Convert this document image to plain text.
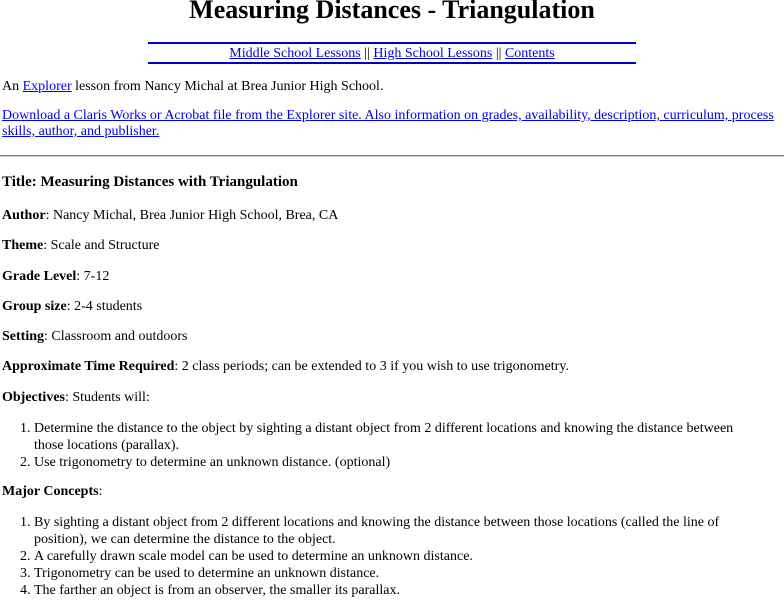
Measuring Distances - Triangulation
Middle School Lessons || High School Lessons || Contents

An Explorer lesson from Nancy Michal at Brea Junior High School.

Download a Claris Works or Acrobat file from the Explorer site. Also information on grades, availability, description, curriculum, process skills, author, and publisher.

Title: Measuring Distances with Triangulation

Author: Nancy Michal, Brea Junior High School, Brea, CA

Theme: Scale and Structure

Grade Level: 7-12

Group size: 2-4 students

Setting: Classroom and outdoors

Approximate Time Required: 2 class periods; can be extended to 3 if you wish to use trigonometry.

Objectives: Students will:

1. Determine the distance to the object by sighting a distant object from 2 different locations and knowing the distance between those locations (parallax).
2. Use trigonometry to determine an unknown distance. (optional)

Major Concepts:

1. By sighting a distant object from 2 different locations and knowing the distance between those locations (called the line of position), we can determine the distance to the object.
2. A carefully drawn scale model can be used to determine an unknown distance.
3. Trigonometry can be used to determine an unknown distance.
4. The farther an object is from an observer, the smaller its parallax.
